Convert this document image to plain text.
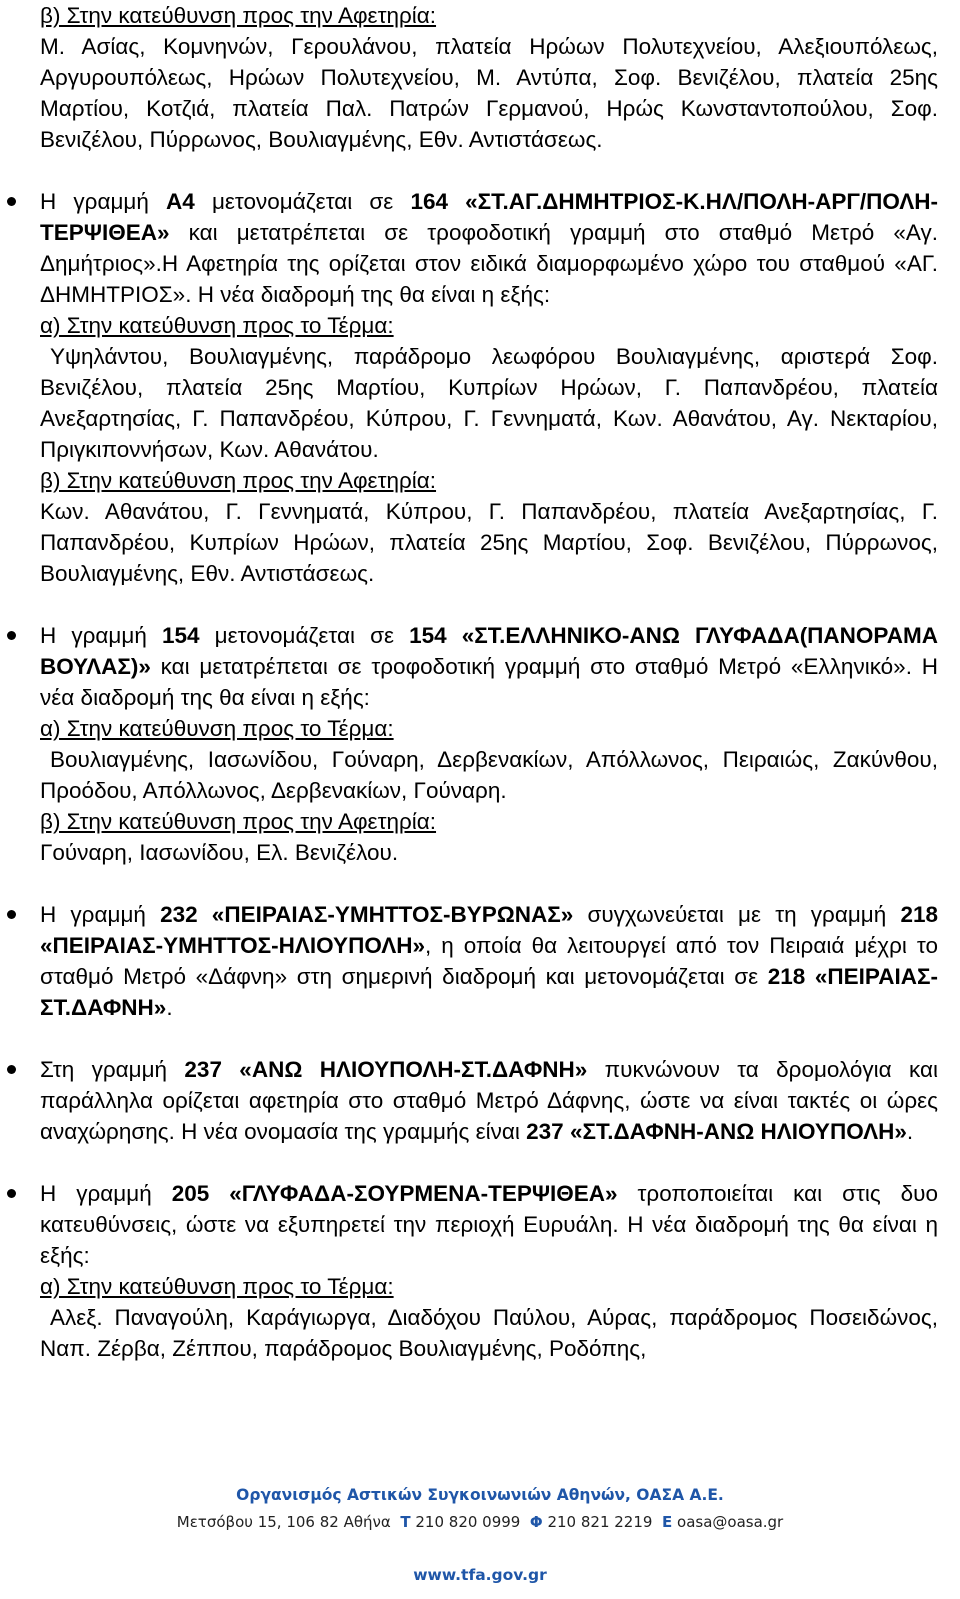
β) Στην κατεύθυνση προς την Αφετηρία:

Μ. Ασίας, Κομνηνών, Γερουλάνου, πλατεία Ηρώων Πολυτεχνείου, Αλεξιουπόλεως, Αργυρουπόλεως, Ηρώων Πολυτεχνείου, Μ. Αντύπα, Σοφ. Βενιζέλου, πλατεία 25ης Μαρτίου, Κοτζιά, πλατεία Παλ. Πατρών Γερμανού, Ηρώς Κωνσταντοπούλου, Σοφ. Βενιζέλου, Πύρρωνος, Βουλιαγμένης, Εθν. Αντιστάσεως.

Η γραμμή Α4 μετονομάζεται σε 164 «ΣΤ.ΑΓ.ΔΗΜΗΤΡΙΟΣ-Κ.ΗΛ/ΠΟΛΗ-ΑΡΓ/ΠΟΛΗ-ΤΕΡΨΙΘΕΑ» και μετατρέπεται σε τροφοδοτική γραμμή στο σταθμό Μετρό «Αγ. Δημήτριος».Η Αφετηρία της ορίζεται στον ειδικά διαμορφωμένο χώρο του σταθμού «ΑΓ. ΔΗΜΗΤΡΙΟΣ». Η νέα διαδρομή της θα είναι η εξής:

α) Στην κατεύθυνση προς το Τέρμα:

Υψηλάντου, Βουλιαγμένης, παράδρομο λεωφόρου Βουλιαγμένης, αριστερά Σοφ. Βενιζέλου, πλατεία 25ης Μαρτίου, Κυπρίων Ηρώων, Γ. Παπανδρέου, πλατεία Ανεξαρτησίας, Γ. Παπανδρέου, Κύπρου, Γ. Γεννηματά, Κων. Αθανάτου, Αγ. Νεκταρίου, Πριγκιποννήσων, Κων. Αθανάτου.

β) Στην κατεύθυνση προς την Αφετηρία:

Κων. Αθανάτου, Γ. Γεννηματά, Κύπρου, Γ. Παπανδρέου, πλατεία Ανεξαρτησίας, Γ. Παπανδρέου, Κυπρίων Ηρώων, πλατεία 25ης Μαρτίου, Σοφ. Βενιζέλου, Πύρρωνος, Βουλιαγμένης, Εθν. Αντιστάσεως.

Η γραμμή 154 μετονομάζεται σε 154 «ΣΤ.ΕΛΛΗΝΙΚΟ-ΑΝΩ ΓΛΥΦΑΔΑ(ΠΑΝΟΡΑΜΑ ΒΟΥΛΑΣ)» και μετατρέπεται σε τροφοδοτική γραμμή στο σταθμό Μετρό «Ελληνικό». Η νέα διαδρομή της θα είναι η εξής:

α) Στην κατεύθυνση προς το Τέρμα:

Βουλιαγμένης, Ιασωνίδου, Γούναρη, Δερβενακίων, Απόλλωνος, Πειραιώς, Ζακύνθου, Προόδου, Απόλλωνος, Δερβενακίων, Γούναρη.

β) Στην κατεύθυνση προς την Αφετηρία:

Γούναρη, Ιασωνίδου, Ελ. Βενιζέλου.

Η γραμμή 232 «ΠΕΙΡΑΙΑΣ-ΥΜΗΤΤΟΣ-ΒΥΡΩΝΑΣ» συγχωνεύεται με τη γραμμή 218 «ΠΕΙΡΑΙΑΣ-ΥΜΗΤΤΟΣ-ΗΛΙΟΥΠΟΛΗ», η οποία θα λειτουργεί από τον Πειραιά μέχρι το σταθμό Μετρό «Δάφνη» στη σημερινή διαδρομή και μετονομάζεται σε 218 «ΠΕΙΡΑΙΑΣ-ΣΤ.ΔΑΦΝΗ».

Στη γραμμή 237 «ΑΝΩ ΗΛΙΟΥΠΟΛΗ-ΣΤ.ΔΑΦΝΗ» πυκνώνουν τα δρομολόγια και παράλληλα ορίζεται αφετηρία στο σταθμό Μετρό Δάφνης, ώστε να είναι τακτές οι ώρες αναχώρησης. Η νέα ονομασία της γραμμής είναι 237 «ΣΤ.ΔΑΦΝΗ-ΑΝΩ ΗΛΙΟΥΠΟΛΗ».

Η γραμμή 205 «ΓΛΥΦΑΔΑ-ΣΟΥΡΜΕΝΑ-ΤΕΡΨΙΘΕΑ» τροποποιείται και στις δυο κατευθύνσεις, ώστε να εξυπηρετεί την περιοχή Ευρυάλη. Η νέα διαδρομή της θα είναι η εξής:

α) Στην κατεύθυνση προς το Τέρμα:

Αλεξ. Παναγούλη, Καράγιωργα, Διαδόχου Παύλου, Αύρας, παράδρομος Ποσειδώνος, Ναπ. Ζέρβα, Ζέππου, παράδρομος Βουλιαγμένης, Ροδόπης,

Οργανισμός Αστικών Συγκοινωνιών Αθηνών, ΟΑΣΑ Α.Ε.
Μετσόβου 15, 106 82 Αθήνα Τ 210 820 0999 Φ 210 821 2219 Ε oasa@oasa.gr
www.tfa.gov.gr
